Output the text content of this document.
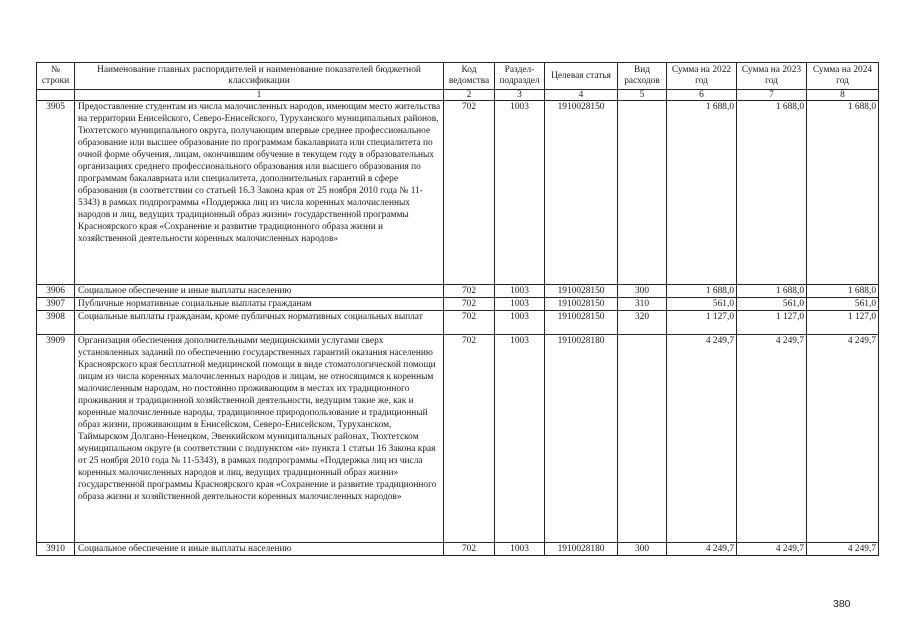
№ строки	Наименование главных распорядителей и наименование показателей бюджетной классификации	Код ведомства	Раздел-подраздел	Целевая статья	Вид расходов	Сумма на 2022 год	Сумма на 2023 год	Сумма на 2024 год
	1	2	3	4	5	6	7	8
3905	Предоставление студентам из числа малочисленных народов, имеющим место жительства на территории Енисейского, Северо-Енисейского, Туруханского муниципальных районов, Тюхтетского муниципального округа, получающим впервые среднее профессиональное образование или высшее образование по программам бакалавриата или специалитета по очной форме обучения, лицам, окончившим обучение в текущем году в образовательных организациях среднего профессионального образования или высшего образования по программам бакалавриата или специалитета, дополнительных гарантий в сфере образования (в соответствии со статьей 16.3 Закона края от 25 ноября 2010 года № 11-5343) в рамках подпрограммы «Поддержка лиц из числа коренных малочисленных народов и лиц, ведущих традиционный образ жизни» государственной программы Красноярского края «Сохранение и развитие традиционного образа жизни и хозяйственной деятельности коренных малочисленных народов»	702	1003	1910028150		1 688,0	1 688,0	1 688,0
3906	Социальное обеспечение и иные выплаты населению	702	1003	1910028150	300	1 688,0	1 688,0	1 688,0
3907	Публичные нормативные социальные выплаты гражданам	702	1003	1910028150	310	561,0	561,0	561,0
3908	Социальные выплаты гражданам, кроме публичных нормативных социальных выплат	702	1003	1910028150	320	1 127,0	1 127,0	1 127,0
3909	Организация обеспечения дополнительными медицинскими услугами сверх установленных заданий по обеспечению государственных гарантий оказания населению Красноярского края бесплатной медицинской помощи в виде стоматологической помощи лицам из числа коренных малочисленных народов и лицам, не относящимся к коренным малочисленным народам, но постоянно проживающим в местах их традиционного проживания и традиционной хозяйственной деятельности, ведущим такие же, как и коренные малочисленные народы, традиционное природопользование и традиционный образ жизни, проживающим в Енисейском, Северо-Енисейском, Туруханском, Таймырском Долгано-Ненецком, Эвенкийском муниципальных районах, Тюхтетском муниципальном округе (в соответствии с подпунктом «и» пункта 1 статьи 16 Закона края от 25 ноября 2010 года № 11-5343), в рамках подпрограммы «Поддержка лиц из числа коренных малочисленных народов и лиц, ведущих традиционный образ жизни» государственной программы Красноярского края «Сохранение и развитие традиционного образа жизни и хозяйственной деятельности коренных малочисленных народов»	702	1003	1910028180		4 249,7	4 249,7	4 249,7
3910	Социальное обеспечение и иные выплаты населению	702	1003	1910028180	300	4 249,7	4 249,7	4 249,7
380
